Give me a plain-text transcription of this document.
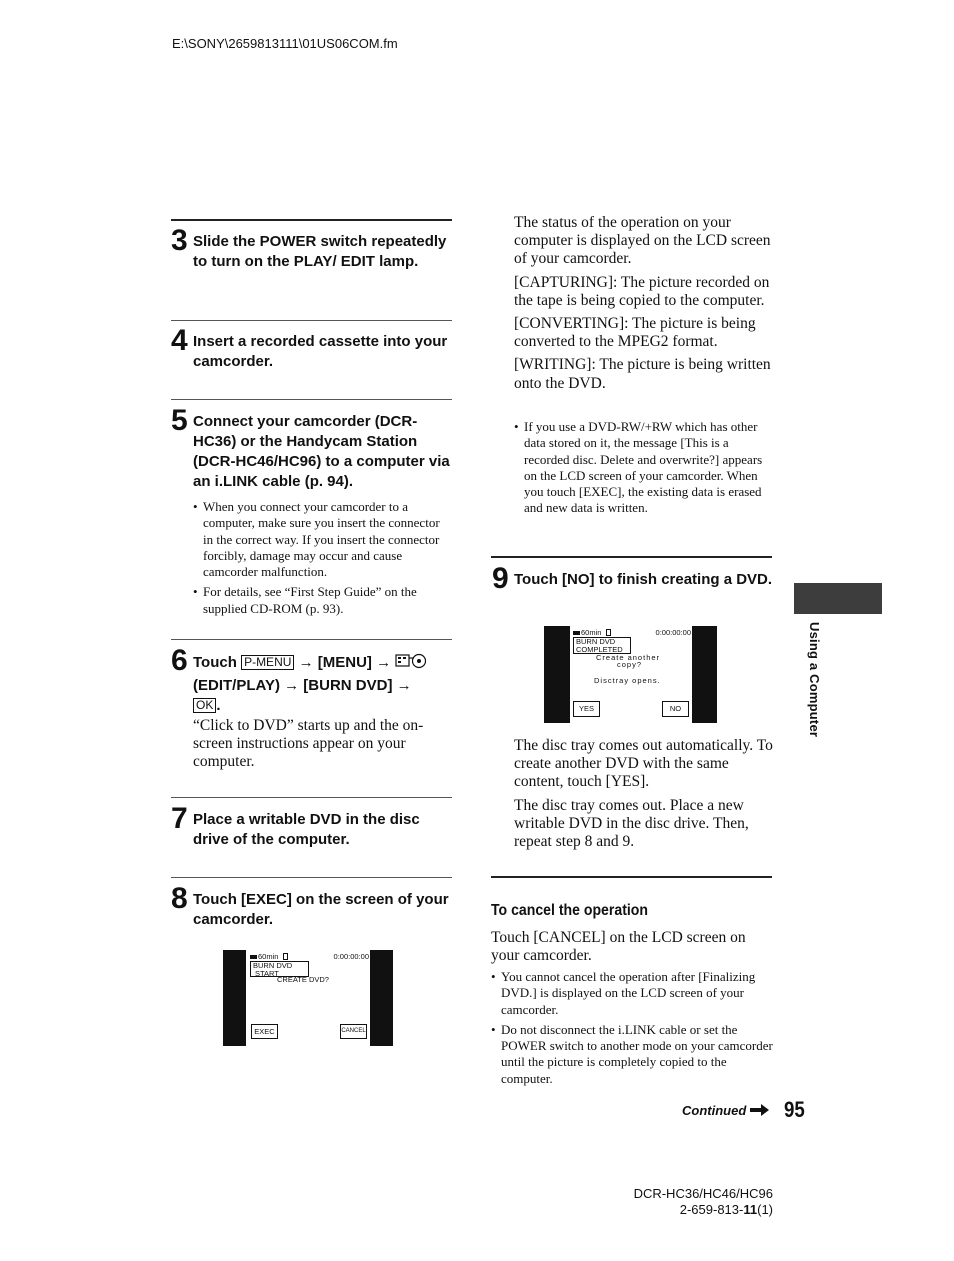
E:\SONY\2659813111\01US06COM.fm
3 Slide the POWER switch repeatedly to turn on the PLAY/ EDIT lamp.
4 Insert a recorded cassette into your camcorder.
5 Connect your camcorder (DCR- HC36) or the Handycam Station (DCR-HC46/HC96) to a computer via an i.LINK cable (p. 94).
• When you connect your camcorder to a computer, make sure you insert the connector in the correct way. If you insert the connector forcibly, damage may occur and cause camcorder malfunction.
• For details, see “First Step Guide” on the supplied CD-ROM (p. 93).
6 Touch P-MENU → [MENU] →
(EDIT/PLAY) → [BURN DVD] →
OK .

“Click to DVD” starts up and the on-screen instructions appear on your computer.

7 Place a writable DVD in the disc drive of the computer.
8 Touch [EXEC] on the screen of your camcorder.
60min	0:00:00:00
BURN DVD
START
CREATE DVD?
EXEC	CANCEL

The status of the operation on your computer is displayed on the LCD screen of your camcorder.

[CAPTURING]: The picture recorded on the tape is being copied to the computer.

[CONVERTING]: The picture is being converted to the MPEG2 format.

[WRITING]: The picture is being written onto the DVD.

• If you use a DVD-RW/+RW which has other data stored on it, the message [This is a recorded disc. Delete and overwrite?] appears on the LCD screen of your camcorder. When you touch [EXEC], the existing data is erased and new data is written.
9 Touch [NO] to finish creating a DVD.
60min	0:00:00:00
BURN DVD
COMPLETED
Create another
copy?
Disctray opens.
YES	NO

The disc tray comes out automatically. To create another DVD with the same content, touch [YES].

The disc tray comes out. Place a new writable DVD in the disc drive. Then, repeat step 8 and 9.

To cancel the operation

Touch [CANCEL] on the LCD screen on your camcorder.

• You cannot cancel the operation after [Finalizing DVD.] is displayed on the LCD screen of your camcorder.
• Do not disconnect the i.LINK cable or set the POWER switch to another mode on your camcorder until the picture is completely copied to the computer.
Using a Computer
Continued	95
DCR-HC36/HC46/HC96
2-659-813-11(1)
